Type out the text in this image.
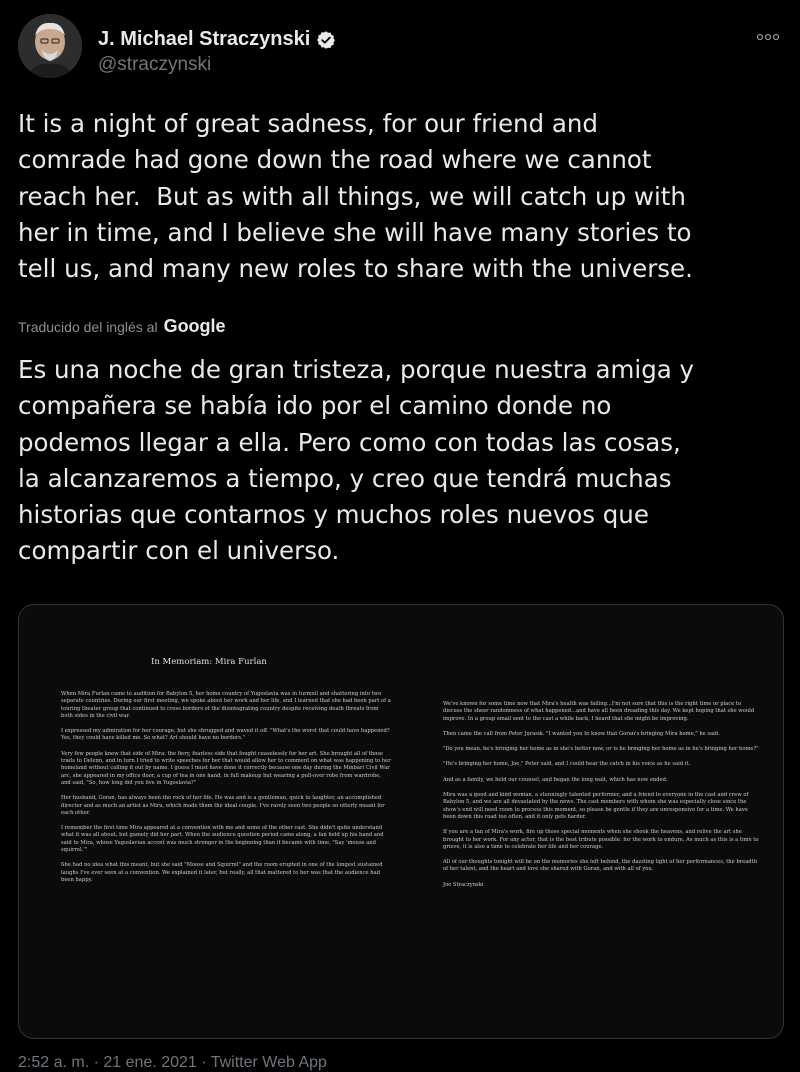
J. Michael Straczynski
@straczynski
It is a night of great sadness, for our friend and
comrade had gone down the road where we cannot
reach her.  But as with all things, we will catch up with
her in time, and I believe she will have many stories to
tell us, and many new roles to share with the universe.
Traducido del inglés al Google
Es una noche de gran tristeza, porque nuestra amiga y
compañera se había ido por el camino donde no
podemos llegar a ella. Pero como con todas las cosas,
la alcanzaremos a tiempo, y creo que tendrá muchas
historias que contarnos y muchos roles nuevos que
compartir con el universo.
In Memoriam: Mira Furlan

When Mira Furlan came to audition for Babylon 5, her home country of Yugoslavia was in turmoil and shattering into two separate countries. During our first meeting, we spoke about her work and her life, and I learned that she had been part of a touring theater group that continued to cross borders of the disintegrating country despite receiving death threats from both sides in the civil war.

I expressed my admiration for her courage, but she shrugged and waved it off. "What's the worst that could have happened? Yes, they could have killed me. So what? Art should have no borders."

Very few people knew that side of Mira: the fiery, fearless side that fought ceaselessly for her art. She brought all of those traits to Delenn, and in turn I tried to write speeches for her that would allow her to comment on what was happening to her homeland without calling it out by name. I guess I must have done it correctly because one day during the Minbari Civil War arc, she appeared in my office door, a cup of tea in one hand, in full makeup but wearing a pull-over robe from wardrobe, and said, "So, how long did you live in Yugoslavia?"

Her husband, Goran, has always been the rock of her life. He was and is a gentleman, quick to laughter, an accomplished director and as much an artist as Mira, which made them the ideal couple. I've rarely seen two people so utterly meant for each other.

I remember the first time Mira appeared at a convention with me and some of the other cast. She didn't quite understand what it was all about, but gamely did her part. When the audience question period came along, a fan held up his hand and said to Mira, whose Yugoslavian accent was much stronger in the beginning than it became with time, "Say 'mouse and squirrel.'"

She had no idea what this meant, but she said "Moose and Squirrel" and the room erupted in one of the longest sustained laughs I've ever seen at a convention. We explained it later, but really, all that mattered to her was that the audience had been happy.

We've known for some time now that Mira's health was failing...I'm not sure that this is the right time or place to discuss the sheer randomness of what happened...and have all been dreading this day. We kept hoping that she would improve. In a group email sent to the cast a while back, I heard that she might be improving.

Then came the call from Peter Jurasik. "I wanted you to know that Goran's bringing Mira home," he said.

"Do you mean, he's bringing her home as in she's better now, or is he bringing her home as in he's bringing her home?"

"He's bringing her home, Joe," Peter said, and I could hear the catch in his voice as he said it.

And as a family, we held our counsel, and began the long wait, which has now ended.

Mira was a good and kind woman, a stunningly talented performer, and a friend to everyone in the cast and crew of Babylon 5, and we are all devastated by the news. The cast members with whom she was especially close since the show's end will need room to process this moment, so please be gentle if they are unresponsive for a time. We have been down this road too often, and it only gets harder.

If you are a fan of Mira's work, fire up those special moments when she shook the heavens, and relive the art she brought to her work. For any actor, that is the best tribute possible: for the work to endure. As much as this is a time to grieve, it is also a time to celebrate her life and her courage.

All of our thoughts tonight will be on the memories she left behind, the dazzling light of her performances, the breadth of her talent, and the heart and love she shared with Goran, and with all of you.

Joe Straczynski

2:52 a. m. · 21 ene. 2021 · Twitter Web App
